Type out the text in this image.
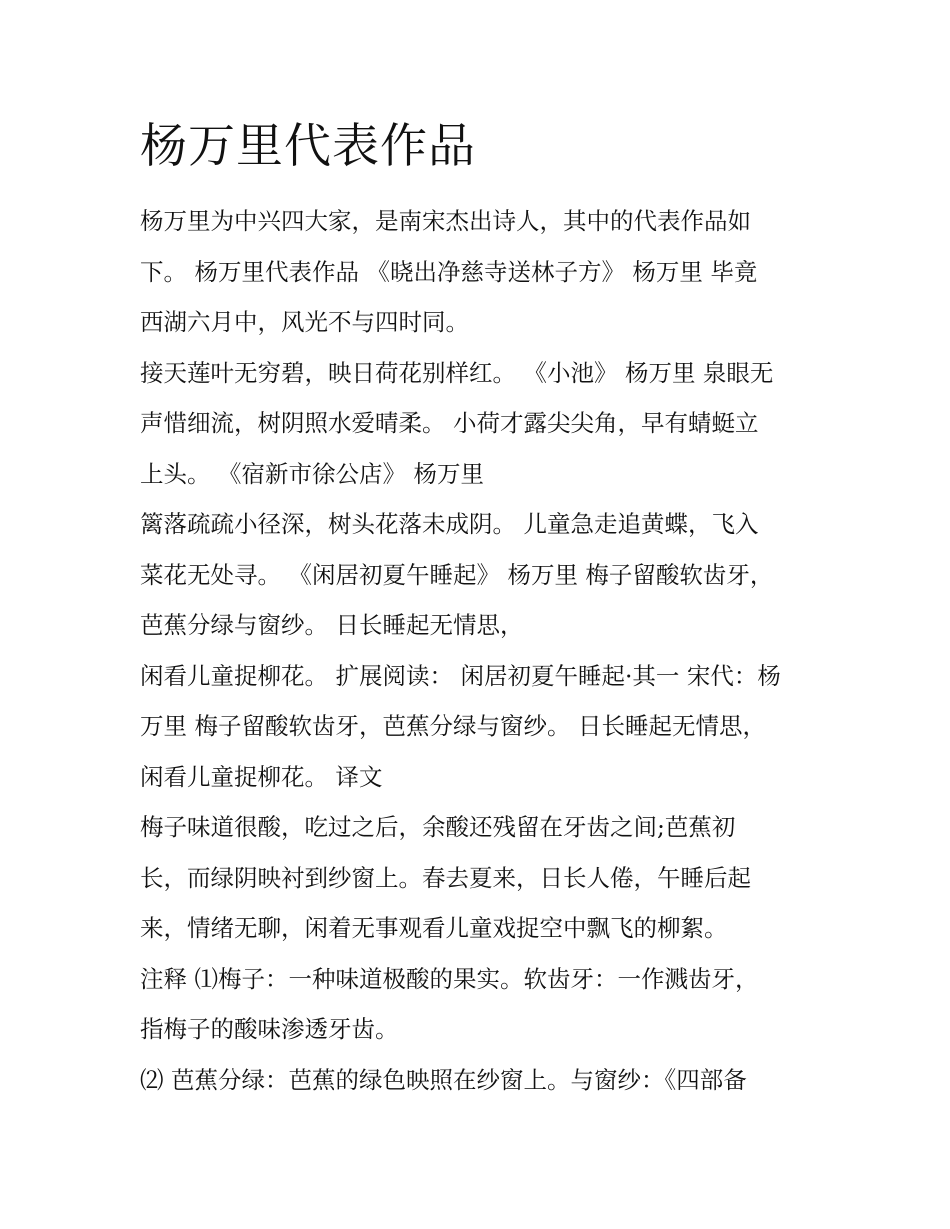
杨万里代表作品
杨万里为中兴四大家，是南宋杰出诗人，其中的代表作品如
下。 杨万里代表作品 《晓出净慈寺送林子方》 杨万里 毕竟
西湖六月中，风光不与四时同。
接天莲叶无穷碧，映日荷花别样红。 《小池》 杨万里 泉眼无
声惜细流，树阴照水爱晴柔。 小荷才露尖尖角，早有蜻蜓立
上头。 《宿新市徐公店》 杨万里
篱落疏疏小径深，树头花落未成阴。 儿童急走追黄蝶，飞入
菜花无处寻。 《闲居初夏午睡起》 杨万里 梅子留酸软齿牙，
芭蕉分绿与窗纱。 日长睡起无情思，
闲看儿童捉柳花。 扩展阅读： 闲居初夏午睡起·其一 宋代：杨
万里 梅子留酸软齿牙，芭蕉分绿与窗纱。 日长睡起无情思，
闲看儿童捉柳花。 译文
梅子味道很酸，吃过之后，余酸还残留在牙齿之间;芭蕉初
长，而绿阴映衬到纱窗上。春去夏来，日长人倦，午睡后起
来，情绪无聊，闲着无事观看儿童戏捉空中飘飞的柳絮。
注释 ⑴梅子：一种味道极酸的果实。软齿牙：一作溅齿牙，
指梅子的酸味渗透牙齿。
⑵ 芭蕉分绿：芭蕉的绿色映照在纱窗上。与窗纱：《四部备
